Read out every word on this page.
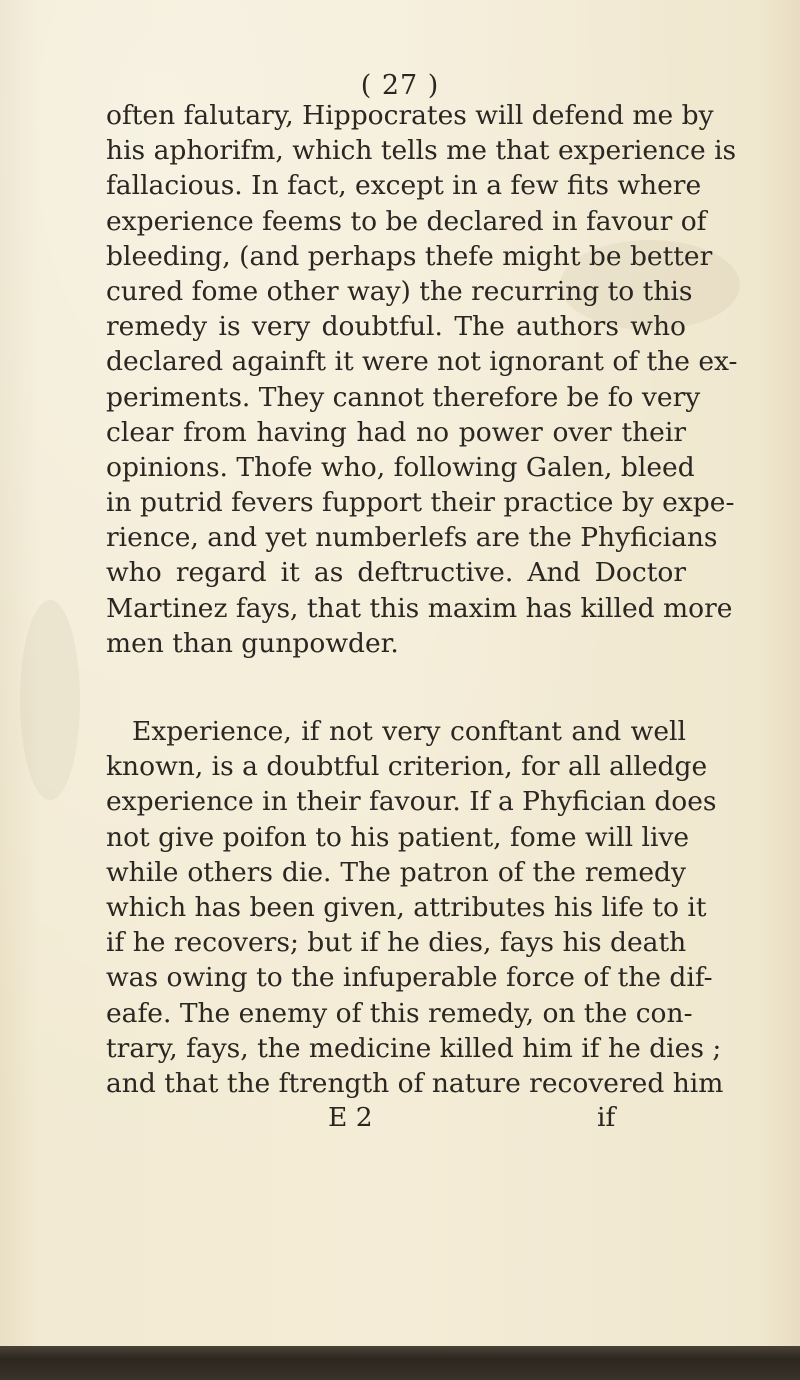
( 27 )
often falutary, Hippocrates will defend me by
his aphorifm, which tells me that experience is
fallacious. In fact, except in a few fits where
experience feems to be declared in favour of
bleeding, (and perhaps thefe might be better
cured fome other way) the recurring to this
remedy is very doubtful. The authors who
declared againft it were not ignorant of the ex-
periments. They cannot therefore be fo very
clear from having had no power over their
opinions. Thofe who, following Galen, bleed
in putrid fevers fupport their practice by expe-
rience, and yet numberlefs are the Phyficians
who regard it as deftructive. And Doctor
Martinez fays, that this maxim has killed more
men than gunpowder.
Experience, if not very conftant and well
known, is a doubtful criterion, for all alledge
experience in their favour. If a Phyfician does
not give poifon to his patient, fome will live
while others die. The patron of the remedy
which has been given, attributes his life to it
if he recovers; but if he dies, fays his death
was owing to the infuperable force of the dif-
eafe. The enemy of this remedy, on the con-
trary, fays, the medicine killed him if he dies ;
and that the ftrength of nature recovered him
E 2	if
